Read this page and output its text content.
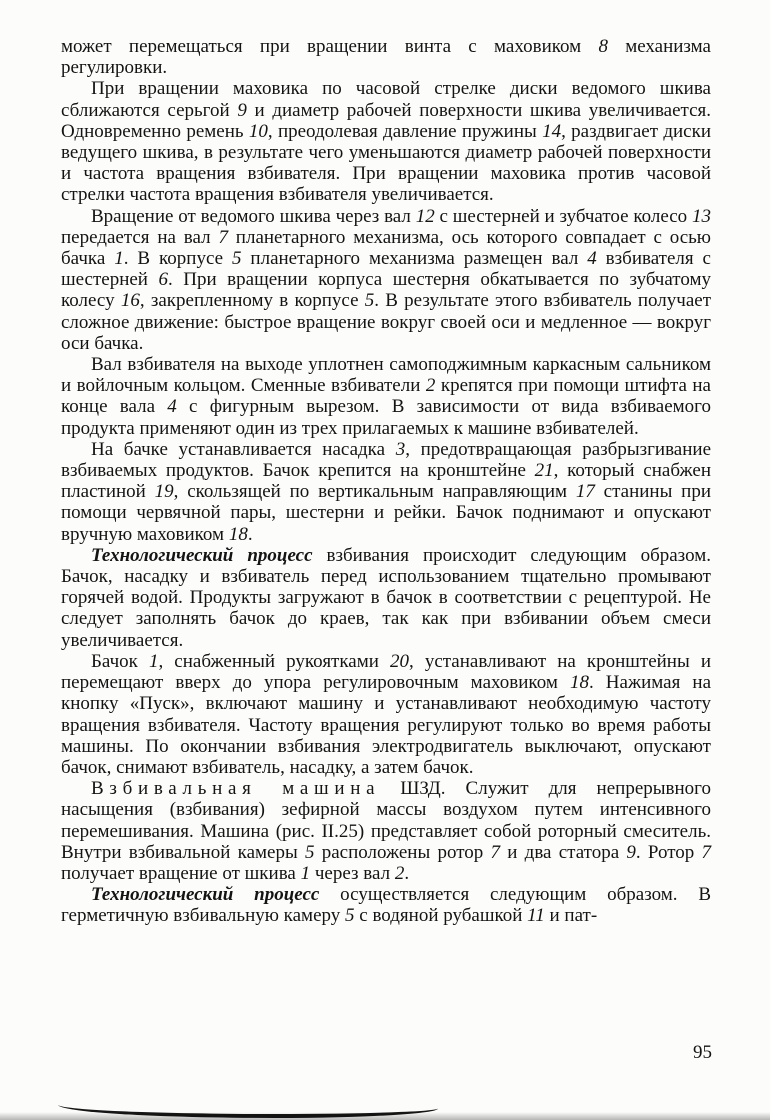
может перемещаться при вращении винта с маховиком 8 механизма регулировки.

При вращении маховика по часовой стрелке диски ведомого шкива сближаются серьгой 9 и диаметр рабочей поверхности шкива увеличивается. Одновременно ремень 10, преодолевая давление пружины 14, раздвигает диски ведущего шкива, в результате чего уменьшаются диаметр рабочей поверхности и частота вращения взбивателя. При вращении маховика против часовой стрелки частота вращения взбивателя увеличивается.

Вращение от ведомого шкива через вал 12 с шестерней и зубчатое колесо 13 передается на вал 7 планетарного механизма, ось которого совпадает с осью бачка 1. В корпусе 5 планетарного механизма размещен вал 4 взбивателя с шестерней 6. При вращении корпуса шестерня обкатывается по зубчатому колесу 16, закрепленному в корпусе 5. В результате этого взбиватель получает сложное движение: быстрое вращение вокруг своей оси и медленное — вокруг оси бачка.

Вал взбивателя на выходе уплотнен самоподжимным каркасным сальником и войлочным кольцом. Сменные взбиватели 2 крепятся при помощи штифта на конце вала 4 с фигурным вырезом. В зависимости от вида взбиваемого продукта применяют один из трех прилагаемых к машине взбивателей.

На бачке устанавливается насадка 3, предотвращающая разбрызгивание взбиваемых продуктов. Бачок крепится на кронштейне 21, который снабжен пластиной 19, скользящей по вертикальным направляющим 17 станины при помощи червячной пары, шестерни и рейки. Бачок поднимают и опускают вручную маховиком 18.

Технологический процесс взбивания происходит следующим образом. Бачок, насадку и взбиватель перед использованием тщательно промывают горячей водой. Продукты загружают в бачок в соответствии с рецептурой. Не следует заполнять бачок до краев, так как при взбивании объем смеси увеличивается.

Бачок 1, снабженный рукоятками 20, устанавливают на кронштейны и перемещают вверх до упора регулировочным маховиком 18. Нажимая на кнопку «Пуск», включают машину и устанавливают необходимую частоту вращения взбивателя. Частоту вращения регулируют только во время работы машины. По окончании взбивания электродвигатель выключают, опускают бачок, снимают взбиватель, насадку, а затем бачок.

Взбивальная машина ШЗД. Служит для непрерывного насыщения (взбивания) зефирной массы воздухом путем интенсивного перемешивания. Машина (рис. II.25) представляет собой роторный смеситель. Внутри взбивальной камеры 5 расположены ротор 7 и два статора 9. Ротор 7 получает вращение от шкива 1 через вал 2.

Технологический процесс осуществляется следующим образом. В герметичную взбивальную камеру 5 с водяной рубашкой 11 и пат-

95
